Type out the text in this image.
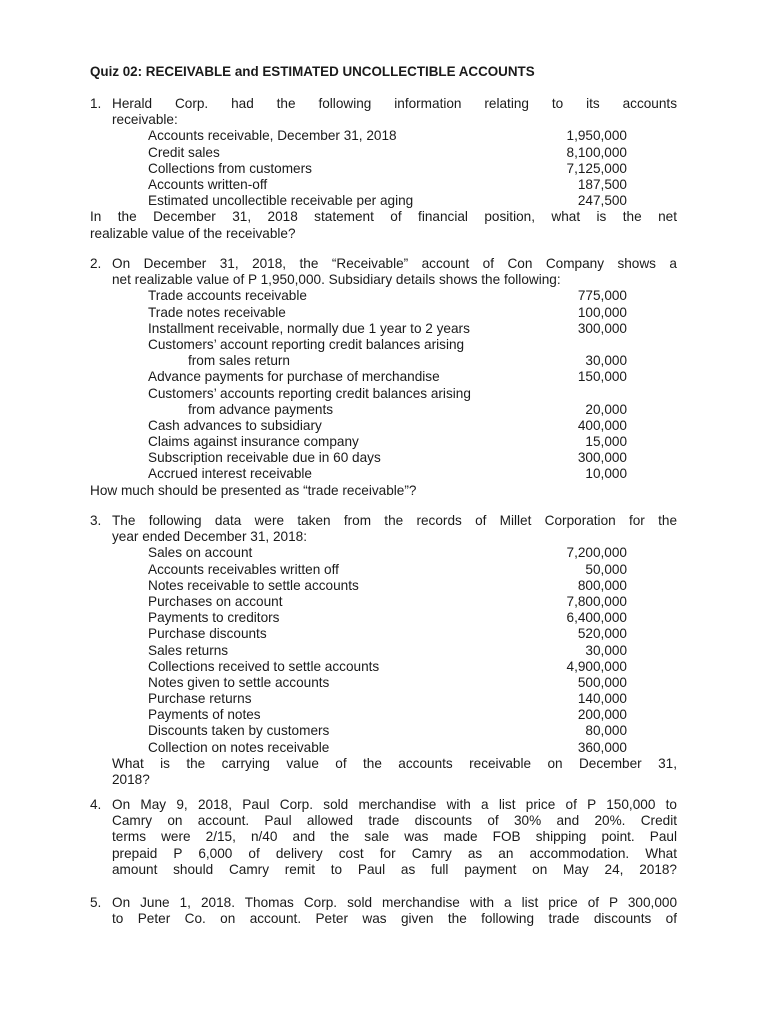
Quiz 02: RECEIVABLE and ESTIMATED UNCOLLECTIBLE ACCOUNTS
Herald Corp. had the following information relating to its accounts
1.
receivable:
Accounts receivable, December 31, 2018	1,950,000
Credit sales	8,100,000
Collections from customers	7,125,000
Accounts written-off	187,500
Estimated uncollectible receivable per aging	247,500
In the December 31, 2018 statement of financial position, what is the net
realizable value of the receivable?
On December 31, 2018, the “Receivable” account of Con Company shows a
2.
net realizable value of P 1,950,000. Subsidiary details shows the following:
Trade accounts receivable	775,000
Trade notes receivable	100,000
Installment receivable, normally due 1 year to 2 years	300,000
Customers’ account reporting credit balances arising
from sales return	30,000
Advance payments for purchase of merchandise	150,000
Customers’ accounts reporting credit balances arising
from advance payments	20,000
Cash advances to subsidiary	400,000
Claims against insurance company	15,000
Subscription receivable due in 60 days	300,000
Accrued interest receivable	10,000
How much should be presented as “trade receivable”?
The following data were taken from the records of Millet Corporation for the
3.
year ended December 31, 2018:
Sales on account	7,200,000
Accounts receivables written off	50,000
Notes receivable to settle accounts	800,000
Purchases on account	7,800,000
Payments to creditors	6,400,000
Purchase discounts	520,000
Sales returns	30,000
Collections received to settle accounts	4,900,000
Notes given to settle accounts	500,000
Purchase returns	140,000
Payments of notes	200,000
Discounts taken by customers	80,000
Collection on notes receivable	360,000
What is the carrying value of the accounts receivable on December 31,
2018?
On May 9, 2018, Paul Corp. sold merchandise with a list price of P 150,000 to
4.
Camry on account. Paul allowed trade discounts of 30% and 20%. Credit
terms were 2/15, n/40 and the sale was made FOB shipping point. Paul
prepaid P 6,000 of delivery cost for Camry as an accommodation. What
amount should Camry remit to Paul as full payment on May 24, 2018?
On June 1, 2018. Thomas Corp. sold merchandise with a list price of P 300,000
5.
to Peter Co. on account. Peter was given the following trade discounts of
